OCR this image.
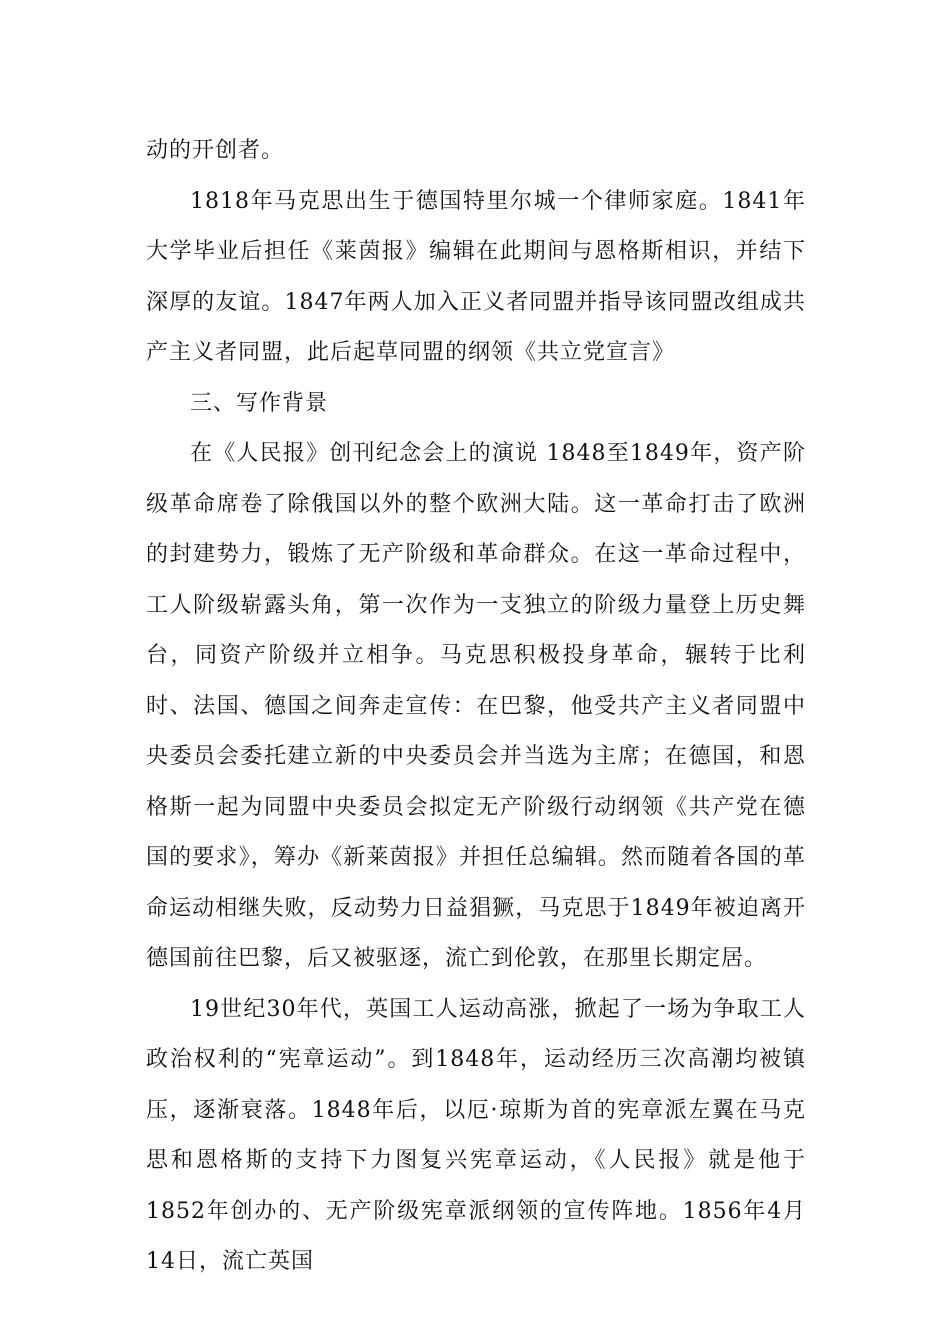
动的开创者。

1818年马克思出生于德国特里尔城一个律师家庭。1841年大学毕业后担任《莱茵报》编辑在此期间与恩格斯相识，并结下深厚的友谊。1847年两人加入正义者同盟并指导该同盟改组成共产主义者同盟，此后起草同盟的纲领《共立党宣言》

三、写作背景

在《人民报》创刊纪念会上的演说 1848至1849年，资产阶级革命席卷了除俄国以外的整个欧洲大陆。这一革命打击了欧洲的封建势力，锻炼了无产阶级和革命群众。在这一革命过程中，工人阶级崭露头角，第一次作为一支独立的阶级力量登上历史舞台，同资产阶级并立相争。马克思积极投身革命，辗转于比利时、法国、德国之间奔走宣传：在巴黎，他受共产主义者同盟中央委员会委托建立新的中央委员会并当选为主席；在德国，和恩格斯一起为同盟中央委员会拟定无产阶级行动纲领《共产党在德国的要求》，筹办《新莱茵报》并担任总编辑。然而随着各国的革命运动相继失败，反动势力日益猖獗，马克思于1849年被迫离开德国前往巴黎，后又被驱逐，流亡到伦敦，在那里长期定居。

19世纪30年代，英国工人运动高涨，掀起了一场为争取工人政治权利的“宪章运动”。到1848年，运动经历三次高潮均被镇压，逐渐衰落。1848年后，以厄·琼斯为首的宪章派左翼在马克思和恩格斯的支持下力图复兴宪章运动，《人民报》就是他于1852年创办的、无产阶级宪章派纲领的宣传阵地。1856年4月14日，流亡英国
